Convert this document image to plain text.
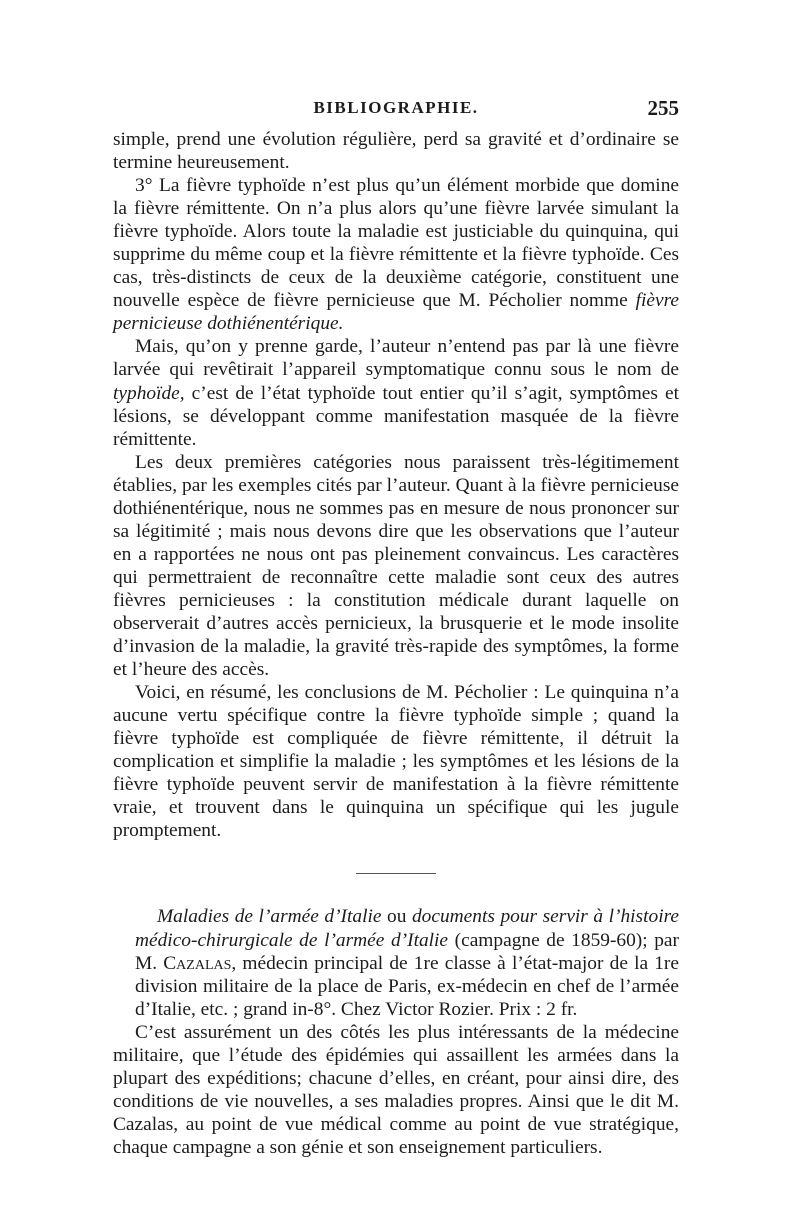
BIBLIOGRAPHIE.	255

simple, prend une évolution régulière, perd sa gravité et d’ordinaire se termine heureusement.

3° La fièvre typhoïde n’est plus qu’un élément morbide que domine la fièvre rémittente. On n’a plus alors qu’une fièvre larvée simulant la fièvre typhoïde. Alors toute la maladie est justiciable du quinquina, qui supprime du même coup et la fièvre rémittente et la fièvre typhoïde. Ces cas, très-distincts de ceux de la deuxième catégorie, constituent une nouvelle espèce de fièvre pernicieuse que M. Pécholier nomme fièvre pernicieuse dothiénentérique.

Mais, qu’on y prenne garde, l’auteur n’entend pas par là une fièvre larvée qui revêtirait l’appareil symptomatique connu sous le nom de typhoïde, c’est de l’état typhoïde tout entier qu’il s’agit, symptômes et lésions, se développant comme manifestation masquée de la fièvre rémittente.

Les deux premières catégories nous paraissent très-légitimement établies, par les exemples cités par l’auteur. Quant à la fièvre pernicieuse dothiénentérique, nous ne sommes pas en mesure de nous prononcer sur sa légitimité ; mais nous devons dire que les observations que l’auteur en a rapportées ne nous ont pas pleinement convaincus. Les caractères qui permettraient de reconnaître cette maladie sont ceux des autres fièvres pernicieuses : la constitution médicale durant laquelle on observerait d’autres accès pernicieux, la brusquerie et le mode insolite d’invasion de la maladie, la gravité très-rapide des symptômes, la forme et l’heure des accès.

Voici, en résumé, les conclusions de M. Pécholier : Le quinquina n’a aucune vertu spécifique contre la fièvre typhoïde simple ; quand la fièvre typhoïde est compliquée de fièvre rémittente, il détruit la complication et simplifie la maladie ; les symptômes et les lésions de la fièvre typhoïde peuvent servir de manifestation à la fièvre rémittente vraie, et trouvent dans le quinquina un spécifique qui les jugule promptement.

Maladies de l’armée d’Italie ou documents pour servir à l’histoire médico-chirurgicale de l’armée d’Italie (campagne de 1859-60); par M. Cazalas, médecin principal de 1re classe à l’état-major de la 1re division militaire de la place de Paris, ex-médecin en chef de l’armée d’Italie, etc. ; grand in-8°. Chez Victor Rozier. Prix : 2 fr.

C’est assurément un des côtés les plus intéressants de la médecine militaire, que l’étude des épidémies qui assaillent les armées dans la plupart des expéditions; chacune d’elles, en créant, pour ainsi dire, des conditions de vie nouvelles, a ses maladies propres. Ainsi que le dit M. Cazalas, au point de vue médical comme au point de vue stratégique, chaque campagne a son génie et son enseignement particuliers.
